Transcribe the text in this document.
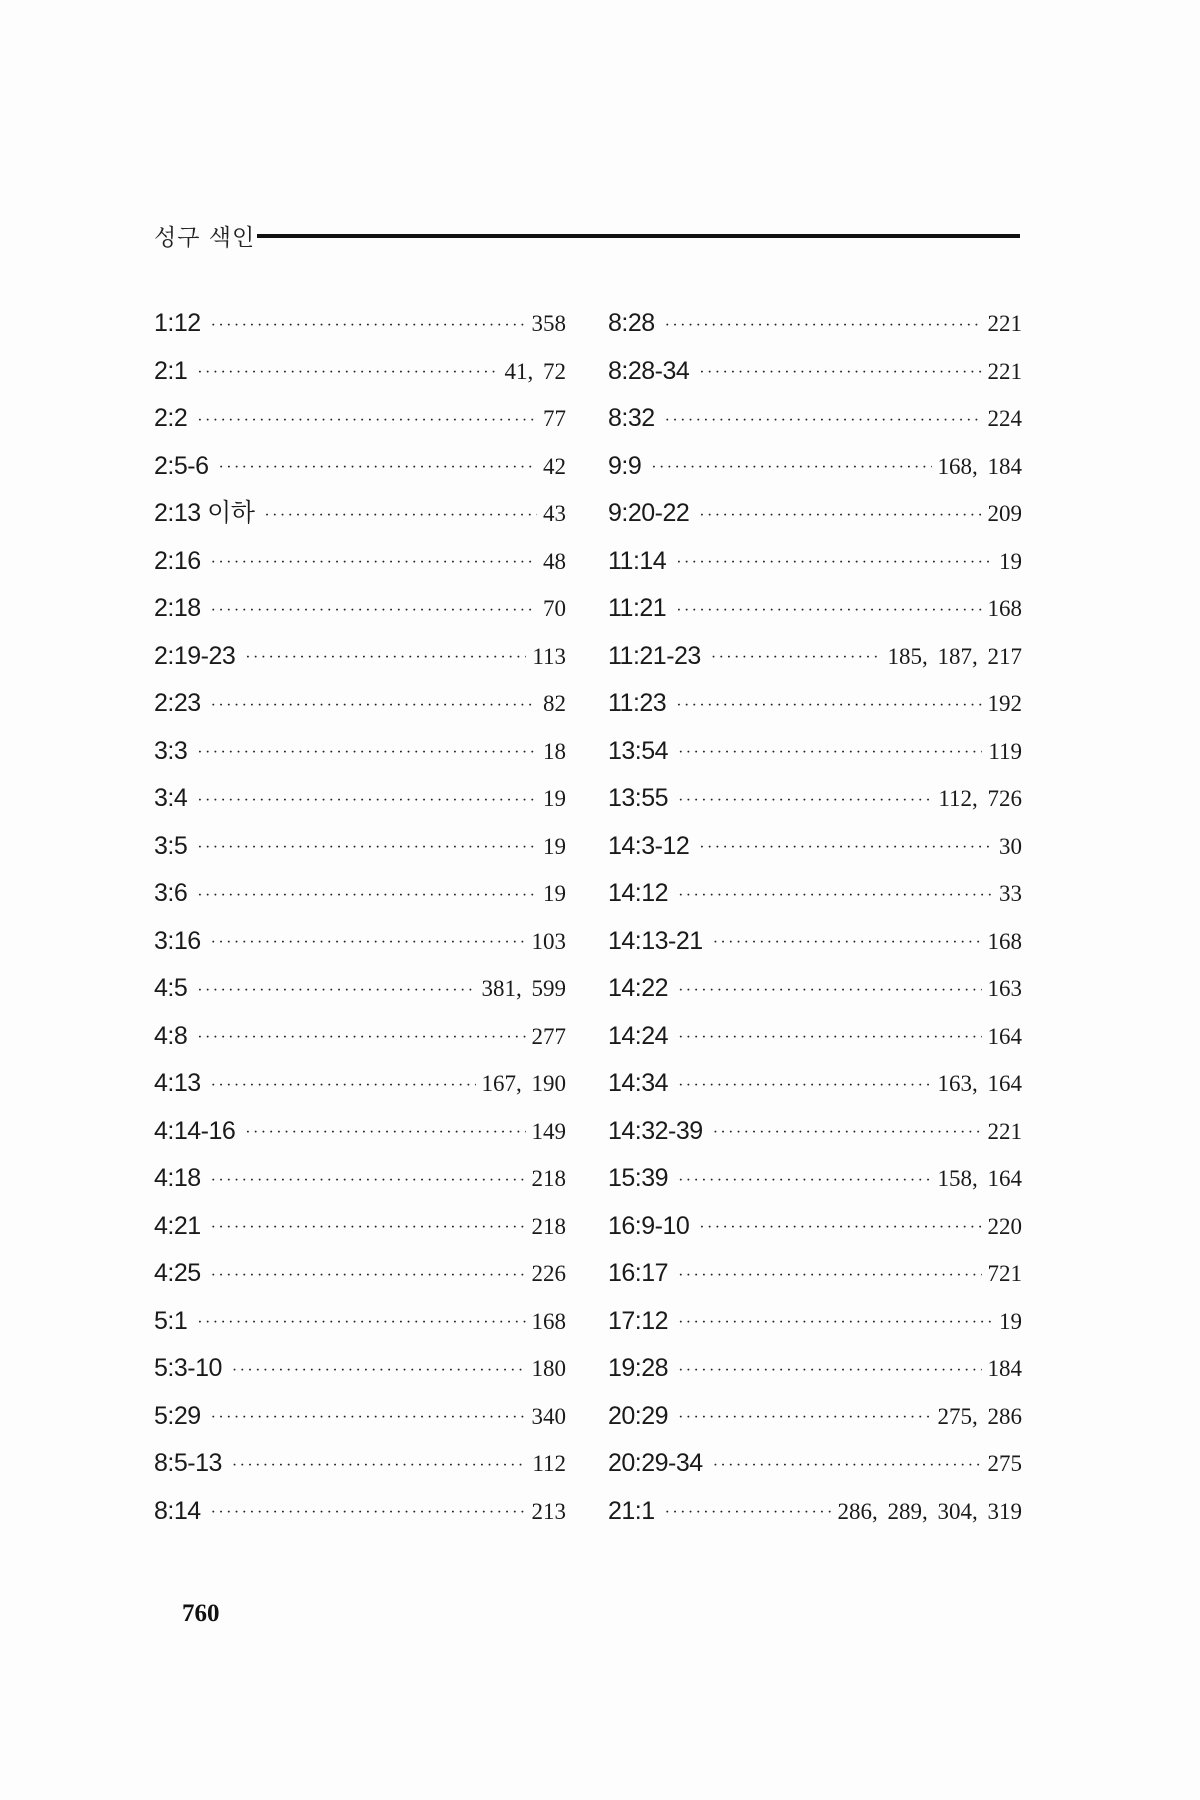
성구 색인
1:12 ·····	358
2:1 ·····	41, 72
2:2 ·····	77
2:5-6 ·····	42
2:13 이하 ·····	43
2:16 ·····	48
2:18 ·····	70
2:19-23 ·····	113
2:23 ·····	82
3:3 ·····	18
3:4 ·····	19
3:5 ·····	19
3:6 ·····	19
3:16 ·····	103
4:5 ·····	381, 599
4:8 ·····	277
4:13 ·····	167, 190
4:14-16 ·····	149
4:18 ·····	218
4:21 ·····	218
4:25 ·····	226
5:1 ·····	168
5:3-10 ·····	180
5:29 ·····	340
8:5-13 ·····	112
8:14 ·····	213
8:28 ·····	221
8:28-34 ·····	221
8:32 ·····	224
9:9 ·····	168, 184
9:20-22 ·····	209
11:14 ·····	19
11:21 ·····	168
11:21-23 ·····	185, 187, 217
11:23 ·····	192
13:54 ·····	119
13:55 ·····	112, 726
14:3-12 ·····	30
14:12 ·····	33
14:13-21 ·····	168
14:22 ·····	163
14:24 ·····	164
14:34 ·····	163, 164
14:32-39 ·····	221
15:39 ·····	158, 164
16:9-10 ·····	220
16:17 ·····	721
17:12 ·····	19
19:28 ·····	184
20:29 ·····	275, 286
20:29-34 ·····	275
21:1 ·····	286, 289, 304, 319
760
